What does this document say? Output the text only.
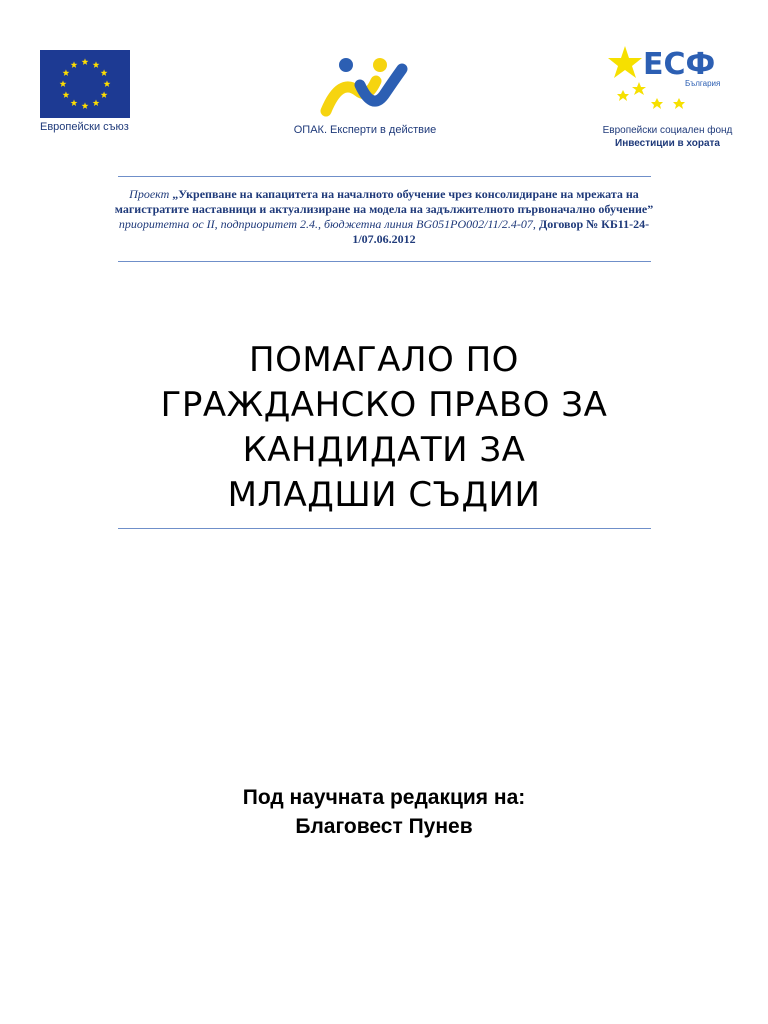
Европейски съюз	ОПАК. Експерти в действие
ЕСФ
България
Европейски социален фонд
Инвестиции в хората
Проект „Укрепване на капацитета на началното обучение чрез консолидиране на мрежата на
магистратите наставници и актуализиране на модела на задължителното първоначално обучение”
приоритетна ос II, подприоритет 2.4., бюджетна линия BG051PO002/11/2.4-07, Договор № КБ11-24-
1/07.06.2012
ПОМАГАЛО ПО
ГРАЖДАНСКО ПРАВО ЗА
КАНДИДАТИ ЗА
МЛАДШИ СЪДИИ
Под научната редакция на:
Благовест Пунев
